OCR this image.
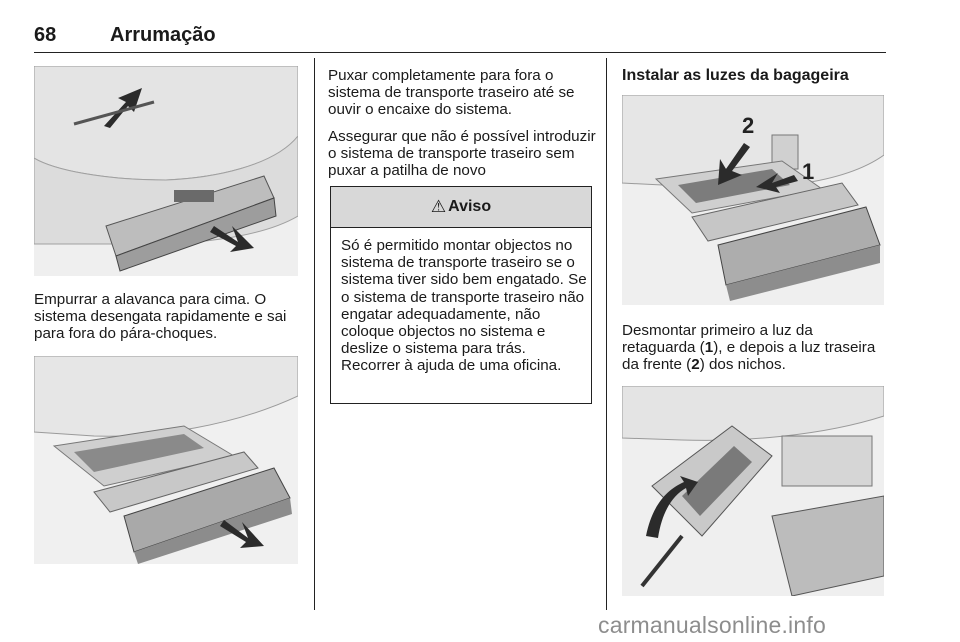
68	Arrumação

Empurrar a alavanca para cima. O sistema desengata rapidamente e sai para fora do pára-choques.

Puxar completamente para fora o sistema de transporte traseiro até se ouvir o encaixe do sistema.

Assegurar que não é possível introduzir o sistema de transporte traseiro sem puxar a patilha de novo

⚠ Aviso

Só é permitido montar objectos no sistema de transporte traseiro se o sistema tiver sido bem engatado. Se o sistema de transporte traseiro não engatar adequadamente, não coloque objectos no sistema e deslize o sistema para trás. Recorrer à ajuda de uma oficina.

Instalar as luzes da bagageira
2
1

Desmontar primeiro a luz da retaguarda (1), e depois a luz traseira da frente (2) dos nichos.

carmanualsonline.info
